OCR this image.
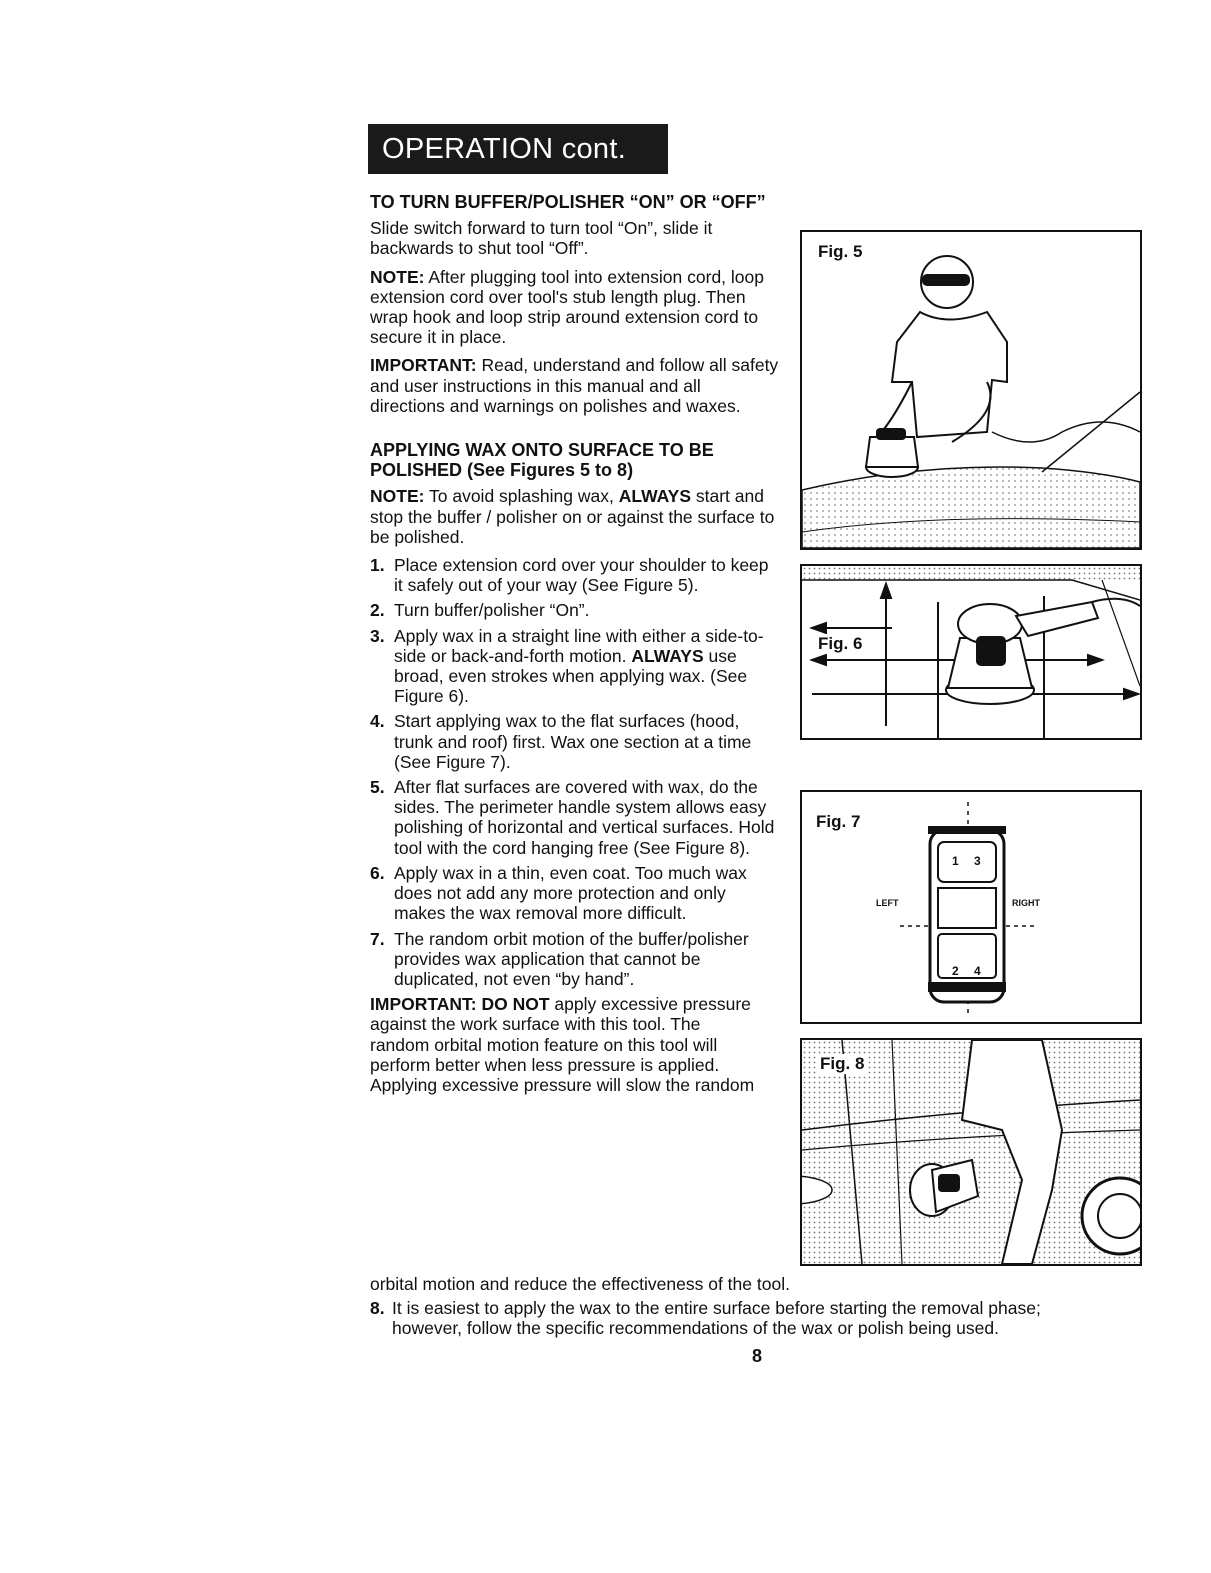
OPERATION cont.

TO TURN BUFFER/POLISHER “ON” OR “OFF”

Slide switch forward to turn tool “On”, slide it backwards to shut tool “Off”.

NOTE: After plugging tool into extension cord, loop extension cord over tool's stub length plug. Then wrap hook and loop strip around extension cord to secure it in place.

IMPORTANT: Read, understand and follow all safety and user instructions in this manual and all directions and warnings on polishes and waxes.

APPLYING WAX ONTO SURFACE TO BE POLISHED (See Figures 5 to 8)

NOTE: To avoid splashing wax, ALWAYS start and stop the buffer / polisher on or against the surface to be polished.

1. Place extension cord over your shoulder to keep it safely out of your way (See Figure 5).
2. Turn buffer/polisher “On”.
3. Apply wax in a straight line with either a side-to-side or back-and-forth motion. ALWAYS use broad, even strokes when applying wax. (See Figure 6).
4. Start applying wax to the flat surfaces (hood, trunk and roof) first. Wax one section at a time (See Figure 7).
5. After flat surfaces are covered with wax, do the sides. The perimeter handle system allows easy polishing of horizontal and vertical surfaces. Hold tool with the cord hanging free (See Figure 8).
6. Apply wax in a thin, even coat. Too much wax does not add any more protection and only makes the wax removal more difficult.
7. The random orbit motion of the buffer/polisher provides wax application that cannot be duplicated, not even “by hand”.

IMPORTANT: DO NOT apply excessive pressure against the work surface with this tool. The random orbital motion feature on this tool will perform better when less pressure is applied. Applying excessive pressure will slow the random

orbital motion and reduce the effectiveness of the tool.
8. It is easiest to apply the wax to the entire surface before starting the removal phase; however, follow the specific recommendations of the wax or polish being used.
Fig. 5
Fig. 6
Fig. 7
LEFT	RIGHT
1 3
2 4
Fig. 8
8
